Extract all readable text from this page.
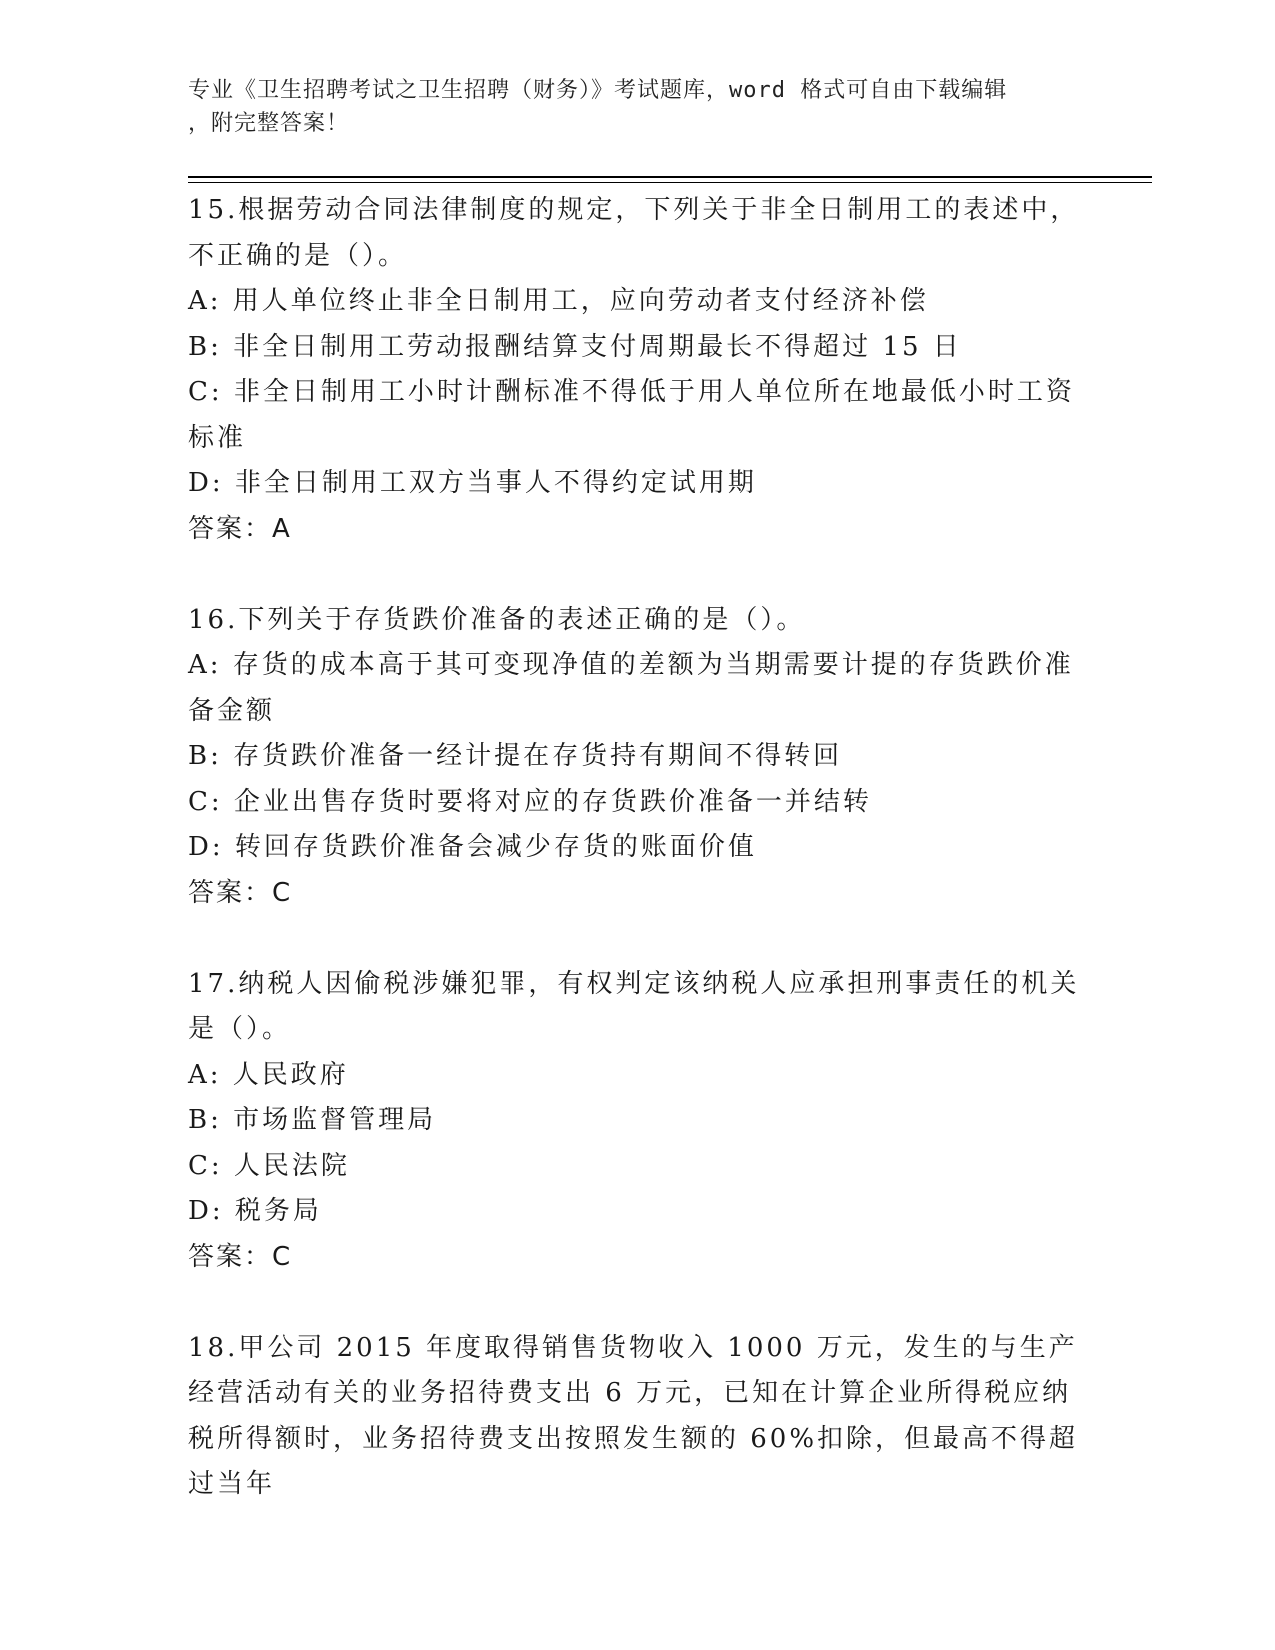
专业《卫生招聘考试之卫生招聘（财务）》考试题库，word 格式可自由下载编辑
，附完整答案！

15.根据劳动合同法律制度的规定，下列关于非全日制用工的表述中，不正确的是（）。

A: 用人单位终止非全日制用工，应向劳动者支付经济补偿

B: 非全日制用工劳动报酬结算支付周期最长不得超过 15 日

C: 非全日制用工小时计酬标准不得低于用人单位所在地最低小时工资标准

D: 非全日制用工双方当事人不得约定试用期

答案：A

16.下列关于存货跌价准备的表述正确的是（）。

A: 存货的成本高于其可变现净值的差额为当期需要计提的存货跌价准备金额

B: 存货跌价准备一经计提在存货持有期间不得转回

C: 企业出售存货时要将对应的存货跌价准备一并结转

D: 转回存货跌价准备会减少存货的账面价值

答案：C

17.纳税人因偷税涉嫌犯罪，有权判定该纳税人应承担刑事责任的机关是（）。

A: 人民政府

B: 市场监督管理局

C: 人民法院

D: 税务局

答案：C

18.甲公司 2015 年度取得销售货物收入 1000 万元，发生的与生产经营活动有关的业务招待费支出 6 万元，已知在计算企业所得税应纳税所得额时，业务招待费支出按照发生额的 60%扣除，但最高不得超过当年
